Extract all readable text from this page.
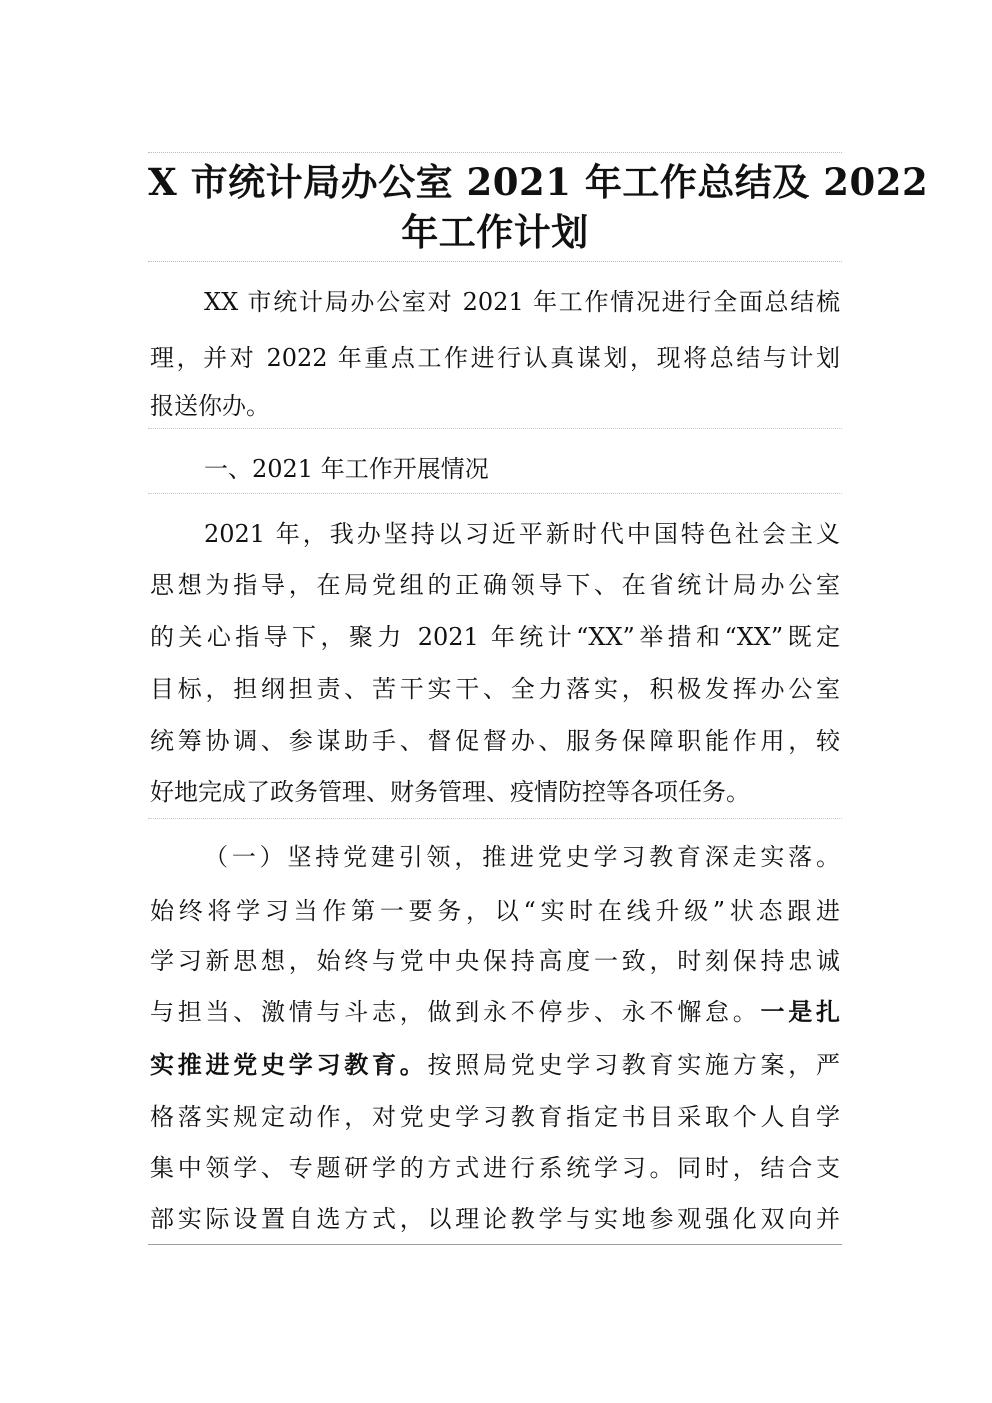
X 市统计局办公室 2021 年工作总结及 2022
年工作计划
XX 市统计局办公室对 2021 年工作情况进行全面总结梳
理，并对 2022 年重点工作进行认真谋划，现将总结与计划
报送你办。
一、2021 年工作开展情况
2021 年，我办坚持以习近平新时代中国特色社会主义
思想为指导，在局党组的正确领导下、在省统计局办公室
的关心指导下，聚力 2021 年统计“XX”举措和“XX”既定
目标，担纲担责、苦干实干、全力落实，积极发挥办公室
统筹协调、参谋助手、督促督办、服务保障职能作用，较
好地完成了政务管理、财务管理、疫情防控等各项任务。
（一）坚持党建引领，推进党史学习教育深走实落。
始终将学习当作第一要务，以“实时在线升级”状态跟进
学习新思想，始终与党中央保持高度一致，时刻保持忠诚
与担当、激情与斗志，做到永不停步、永不懈怠。一是扎
实推进党史学习教育。按照局党史学习教育实施方案，严
格落实规定动作，对党史学习教育指定书目采取个人自学
集中领学、专题研学的方式进行系统学习。同时，结合支
部实际设置自选方式，以理论教学与实地参观强化双向并
